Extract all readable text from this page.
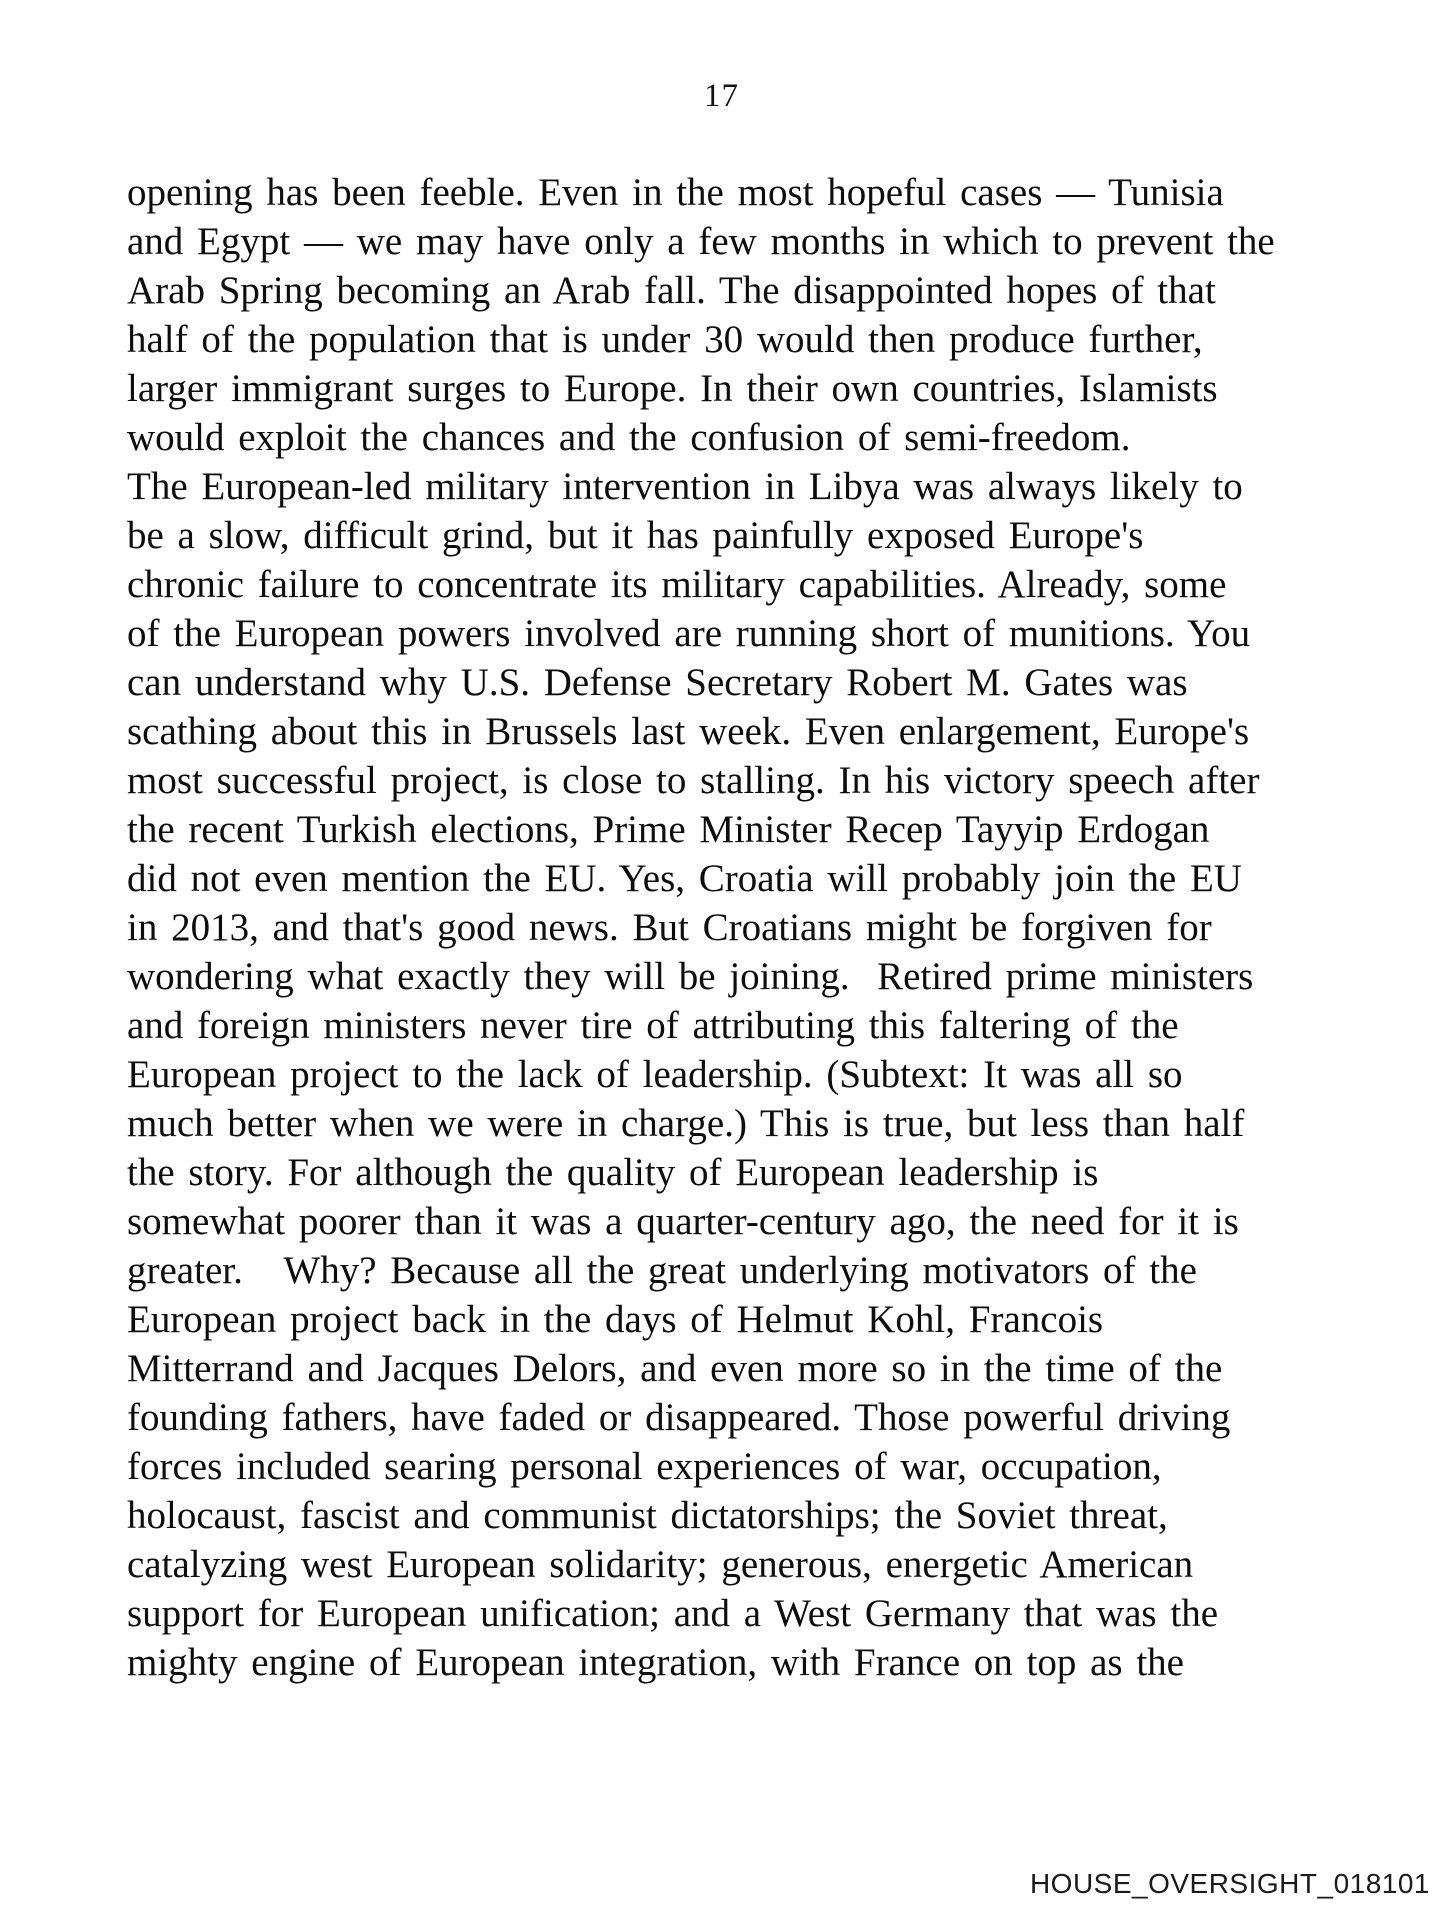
17
opening has been feeble. Even in the most hopeful cases — Tunisia
and Egypt — we may have only a few months in which to prevent the
Arab Spring becoming an Arab fall. The disappointed hopes of that
half of the population that is under 30 would then produce further,
larger immigrant surges to Europe. In their own countries, Islamists
would exploit the chances and the confusion of semi-freedom.
The European-led military intervention in Libya was always likely to
be a slow, difficult grind, but it has painfully exposed Europe's
chronic failure to concentrate its military capabilities. Already, some
of the European powers involved are running short of munitions. You
can understand why U.S. Defense Secretary Robert M. Gates was
scathing about this in Brussels last week. Even enlargement, Europe's
most successful project, is close to stalling. In his victory speech after
the recent Turkish elections, Prime Minister Recep Tayyip Erdogan
did not even mention the EU. Yes, Croatia will probably join the EU
in 2013, and that's good news. But Croatians might be forgiven for
wondering what exactly they will be joining.  Retired prime ministers
and foreign ministers never tire of attributing this faltering of the
European project to the lack of leadership. (Subtext: It was all so
much better when we were in charge.) This is true, but less than half
the story. For although the quality of European leadership is
somewhat poorer than it was a quarter-century ago, the need for it is
greater.   Why? Because all the great underlying motivators of the
European project back in the days of Helmut Kohl, Francois
Mitterrand and Jacques Delors, and even more so in the time of the
founding fathers, have faded or disappeared. Those powerful driving
forces included searing personal experiences of war, occupation,
holocaust, fascist and communist dictatorships; the Soviet threat,
catalyzing west European solidarity; generous, energetic American
support for European unification; and a West Germany that was the
mighty engine of European integration, with France on top as the
HOUSE_OVERSIGHT_018101
